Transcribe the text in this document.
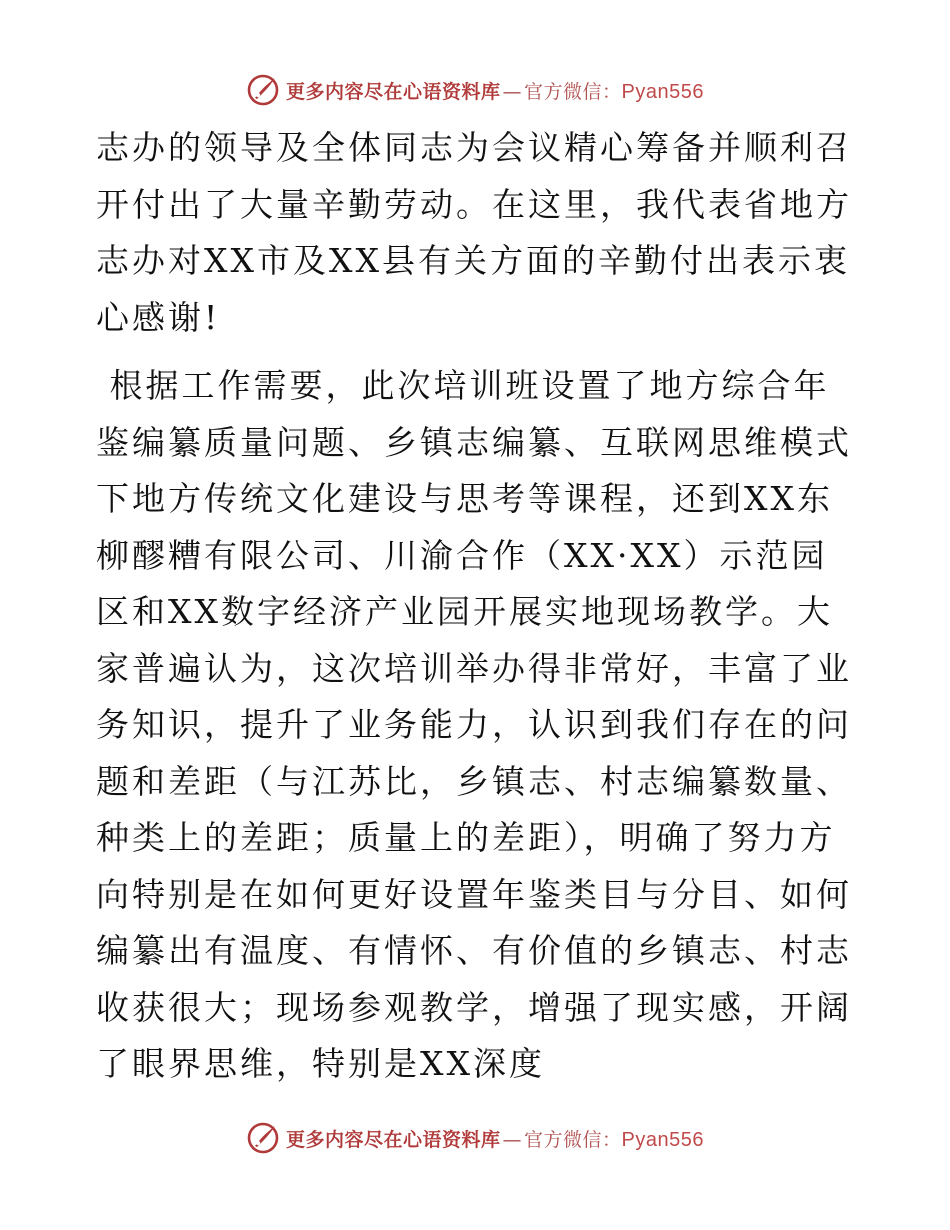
更多内容尽在心语资料库 — 官方微信： Pyan556

志办的领导及全体同志为会议精心筹备并顺利召开付出了大量辛勤劳动。在这里，我代表省地方志办对XX市及XX县有关方面的辛勤付出表示衷心感谢!

根据工作需要，此次培训班设置了地方综合年鉴编纂质量问题、乡镇志编纂、互联网思维模式下地方传统文化建设与思考等课程，还到XX东柳醪糟有限公司、川渝合作（XX·XX）示范园区和XX数字经济产业园开展实地现场教学。大家普遍认为，这次培训举办得非常好，丰富了业务知识，提升了业务能力，认识到我们存在的问题和差距（与江苏比，乡镇志、村志编纂数量、种类上的差距；质量上的差距），明确了努力方向特别是在如何更好设置年鉴类目与分目、如何编纂出有温度、有情怀、有价值的乡镇志、村志收获很大；现场参观教学，增强了现实感，开阔了眼界思维，特别是XX深度

更多内容尽在心语资料库 — 官方微信： Pyan556
